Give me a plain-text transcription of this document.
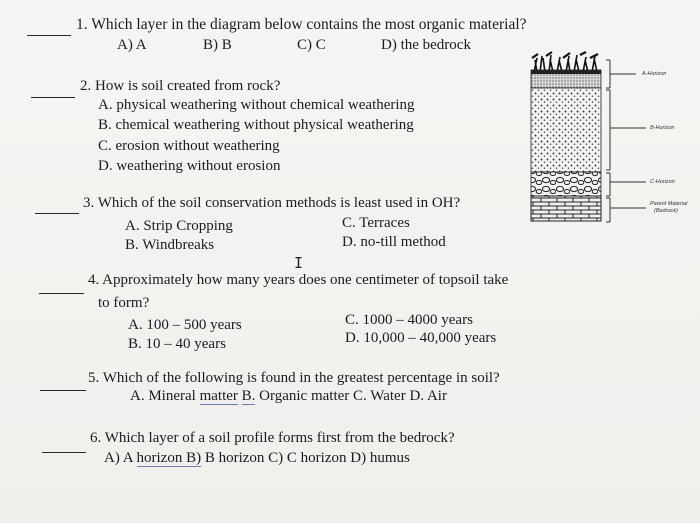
1. Which layer in the diagram below contains the most organic material?
A) A	B) B	C) C	D) the bedrock
2. How is soil created from rock?
A. physical weathering without chemical weathering
B. chemical weathering without physical weathering
C. erosion without weathering
D. weathering without erosion
3. Which of the soil conservation methods is least used in OH?
A. Strip Cropping	C. Terraces
B. Windbreaks	D. no-till method
I
4. Approximately how many years does one centimeter of topsoil take
to form?
A. 100 – 500 years	C. 1000 – 4000 years
B. 10 – 40 years	D. 10,000 – 40,000 years
5. Which of the following is found in the greatest percentage in soil?
A. Mineral matter B. Organic matter C. Water D. Air
6. Which layer of a soil profile forms first from the bedrock?
A) A horizon B) B horizon C) C horizon D) humus
A-Horizon
B-Horizon
C-Horizon
Parent Material
(Bedrock)
